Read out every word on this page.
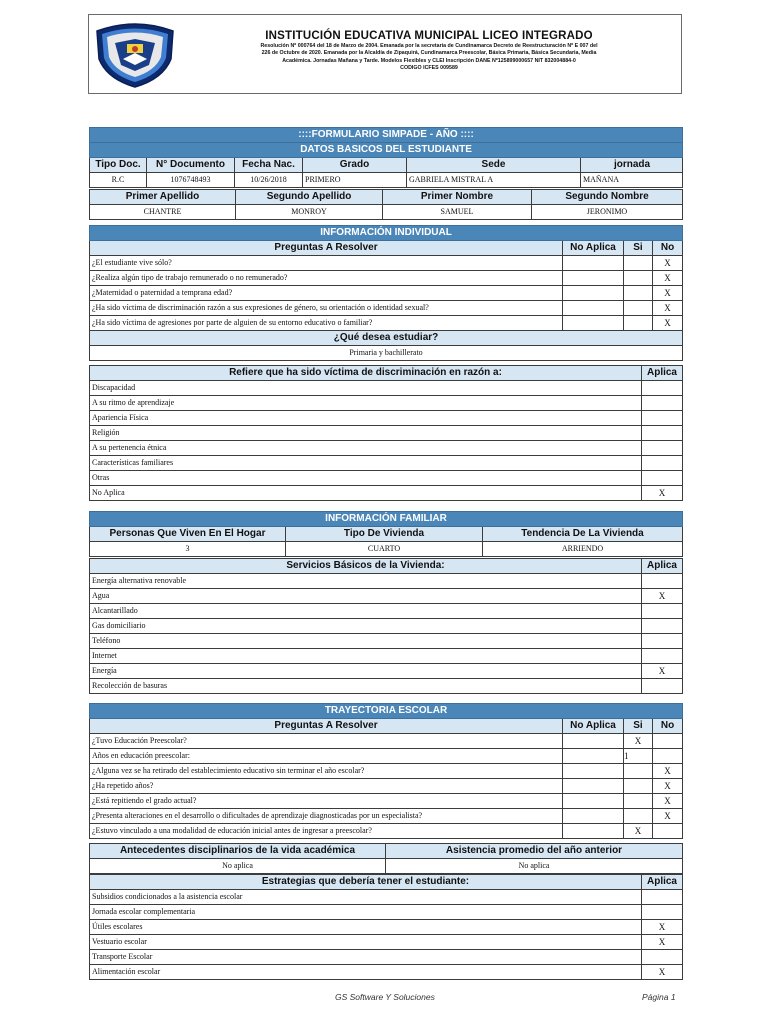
INSTITUCIÓN EDUCATIVA MUNICIPAL LICEO INTEGRADO
Resolución Nº 000764 del 18 de Marzo de 2004. Emanada por la secretaria de Cundinamarca Decreto de Reestructuración Nº E 007 del
226 de Octubre de 2020. Emanada por la Alcaldía de Zipaquirá, Cundinamarca Preescolar, Básica Primaria, Básica Secundaria, Media
Académica. Jornadas Mañana y Tarde. Modelos Flexibles y CLEI Inscripción DANE Nº125899000657 NIT 832004884-0
CODIGO ICFES 009589
::::FORMULARIO SIMPADE - AÑO ::::					
DATOS BASICOS DEL ESTUDIANTE					
Tipo Doc.	N° Documento	Fecha Nac.	Grado	Sede	jornada
R.C	1076748493	10/26/2018	PRIMERO	GABRIELA MISTRAL A	MAÑANA
Primer Apellido	Segundo Apellido	Primer Nombre	Segundo Nombre
CHANTRE	MONROY	SAMUEL	JERONIMO
INFORMACIÓN INDIVIDUAL			
Preguntas A Resolver	No Aplica	Si	No
¿El estudiante vive sólo?			X
¿Realiza algún tipo de trabajo remunerado o no remunerado?			X
¿Maternidad o paternidad a temprana edad?			X
¿Ha sido víctima de discriminación razón a sus expresiones de género, su orientación o identidad sexual?			X
¿Ha sido víctima de agresiones por parte de alguien de su entorno educativo o familiar?			X
¿Qué desea estudiar?			
Primaria y bachillerato			
Refiere que ha sido víctima de discriminación en razón a:	Aplica
Discapacidad	
A su ritmo de aprendizaje	
Apariencia Física	
Religión	
A su pertenencia étnica	
Características familiares	
Otras	
No Aplica	X
INFORMACIÓN FAMILIAR		
Personas Que Viven En El Hogar	Tipo De Vivienda	Tendencia De La Vivienda
3	CUARTO	ARRIENDO
Servicios Básicos de la Vivienda:	Aplica
Energía alternativa renovable	
Agua	X
Alcantarillado	
Gas domiciliario	
Teléfono	
Internet	
Energía	X
Recolección de basuras	
TRAYECTORIA ESCOLAR			
Preguntas A Resolver	No Aplica	Si	No
¿Tuvo Educación Preescolar?		X	
Años en educación preescolar:		1	
¿Alguna vez se ha retirado del establecimiento educativo sin terminar el año escolar?			X
¿Ha repetido años?			X
¿Está repitiendo el grado actual?			X
¿Presenta alteraciones en el desarrollo o dificultades de aprendizaje diagnosticadas por un especialista?			X
¿Estuvo vinculado a una modalidad de educación inicial antes de ingresar a preescolar?		X	
Antecedentes disciplinarios de la vida académica	Asistencia promedio del año anterior
No aplica	No aplica
Estrategias que debería tener el estudiante:	Aplica
Subsidios condicionados a la asistencia escolar	
Jornada escolar complementaria	
Útiles escolares	X
Vestuario escolar	X
Transporte Escolar	
Alimentación escolar	X
GS Software Y Soluciones	Página 1
